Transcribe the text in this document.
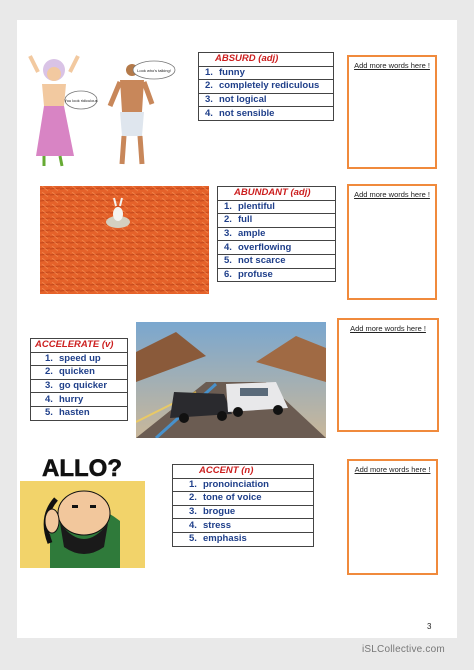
Look who's talking!
You look ridiculous
ABSURD (adj)
1. funny
2. completely rediculous
3. not logical
4. not sensible
Add more words here !
ABUNDANT (adj)
1. plentiful
2. full
3. ample
4. overflowing
5. not scarce
6. profuse
Add more words here !
ACCELERATE (v)
1. speed up
2. quicken
3. go quicker
4. hurry
5. hasten
Add more words here !
ALLO?	ACCENT (n)
1. pronoinciation
2. tone of voice
3. brogue
4. stress
5. emphasis
Add more words here !
3
iSLCollective.com
